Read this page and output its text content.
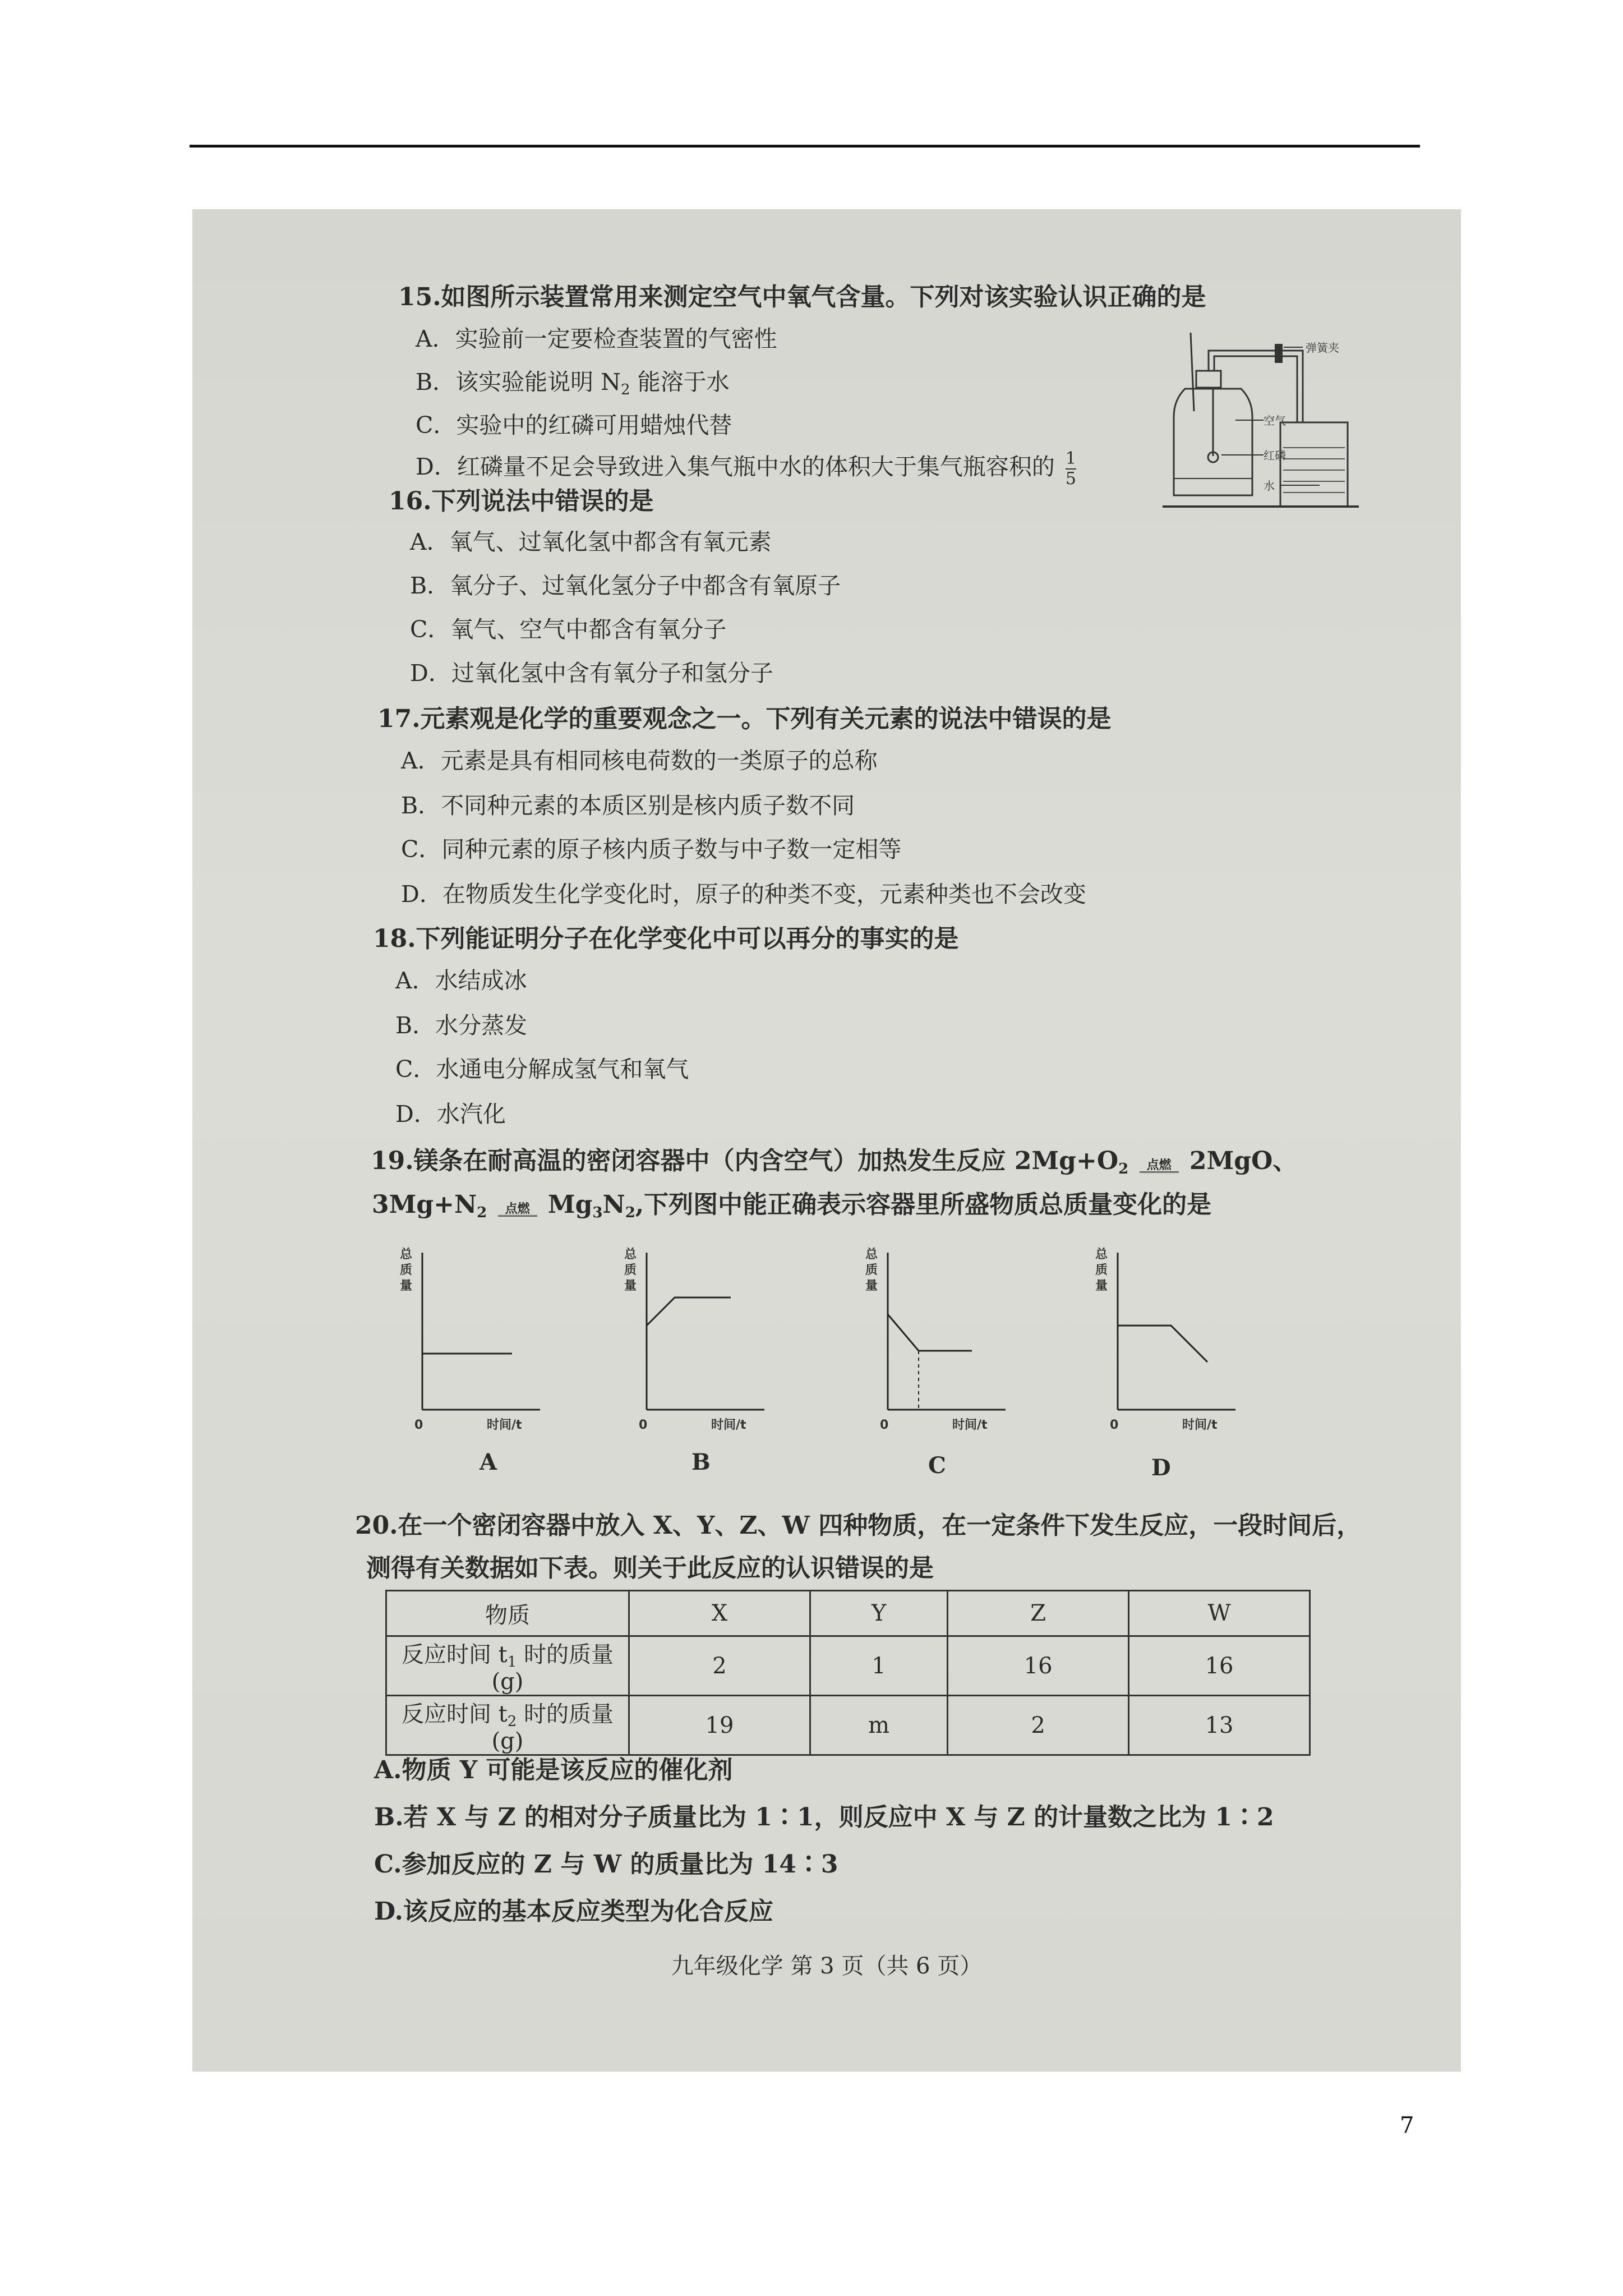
15.如图所示装置常用来测定空气中氧气含量。下列对该实验认识正确的是
A．实验前一定要检查装置的气密性
B．该实验能说明 N2 能溶于水
C．实验中的红磷可用蜡烛代替
D．红磷量不足会导致进入集气瓶中水的体积大于集气瓶容积的 $\frac{1}{5}$
弹簧夹
空气
红磷
水
16.下列说法中错误的是
A．氧气、过氧化氢中都含有氧元素
B．氧分子、过氧化氢分子中都含有氧原子
C．氧气、空气中都含有氧分子
D．过氧化氢中含有氧分子和氢分子
17.元素观是化学的重要观念之一。下列有关元素的说法中错误的是
A．元素是具有相同核电荷数的一类原子的总称
B．不同种元素的本质区别是核内质子数不同
C．同种元素的原子核内质子数与中子数一定相等
D．在物质发生化学变化时，原子的种类不变，元素种类也不会改变
18.下列能证明分子在化学变化中可以再分的事实的是
A．水结成冰
B．水分蒸发
C．水通电分解成氢气和氧气
D．水汽化
19.镁条在耐高温的密闭容器中（内含空气）加热发生反应 2Mg+O2	点燃 2MgO、
3Mg+N2	点燃 Mg3N2,下列图中能正确表示容器里所盛物质总质量变化的是
总
质
量
0	时间/t
总
质
量
0	时间/t
总
质
量
0	时间/t
总
质
量
0	时间/t
A	B	C	D
20.在一个密闭容器中放入 X、Y、Z、W 四种物质，在一定条件下发生反应，一段时间后，
测得有关数据如下表。则关于此反应的认识错误的是
物质	X	Y	Z	W
反应时间 $t_1$ 时的质量(g)	2	1	16	16
反应时间 $t_2$ 时的质量(g)	19	m	2	13
A.物质 Y 可能是该反应的催化剂
B.若 X 与 Z 的相对分子质量比为 1∶1，则反应中 X 与 Z 的计量数之比为 1∶2
C.参加反应的 Z 与 W 的质量比为 14∶3
D.该反应的基本反应类型为化合反应
九年级化学 第 3 页（共 6 页）
7
